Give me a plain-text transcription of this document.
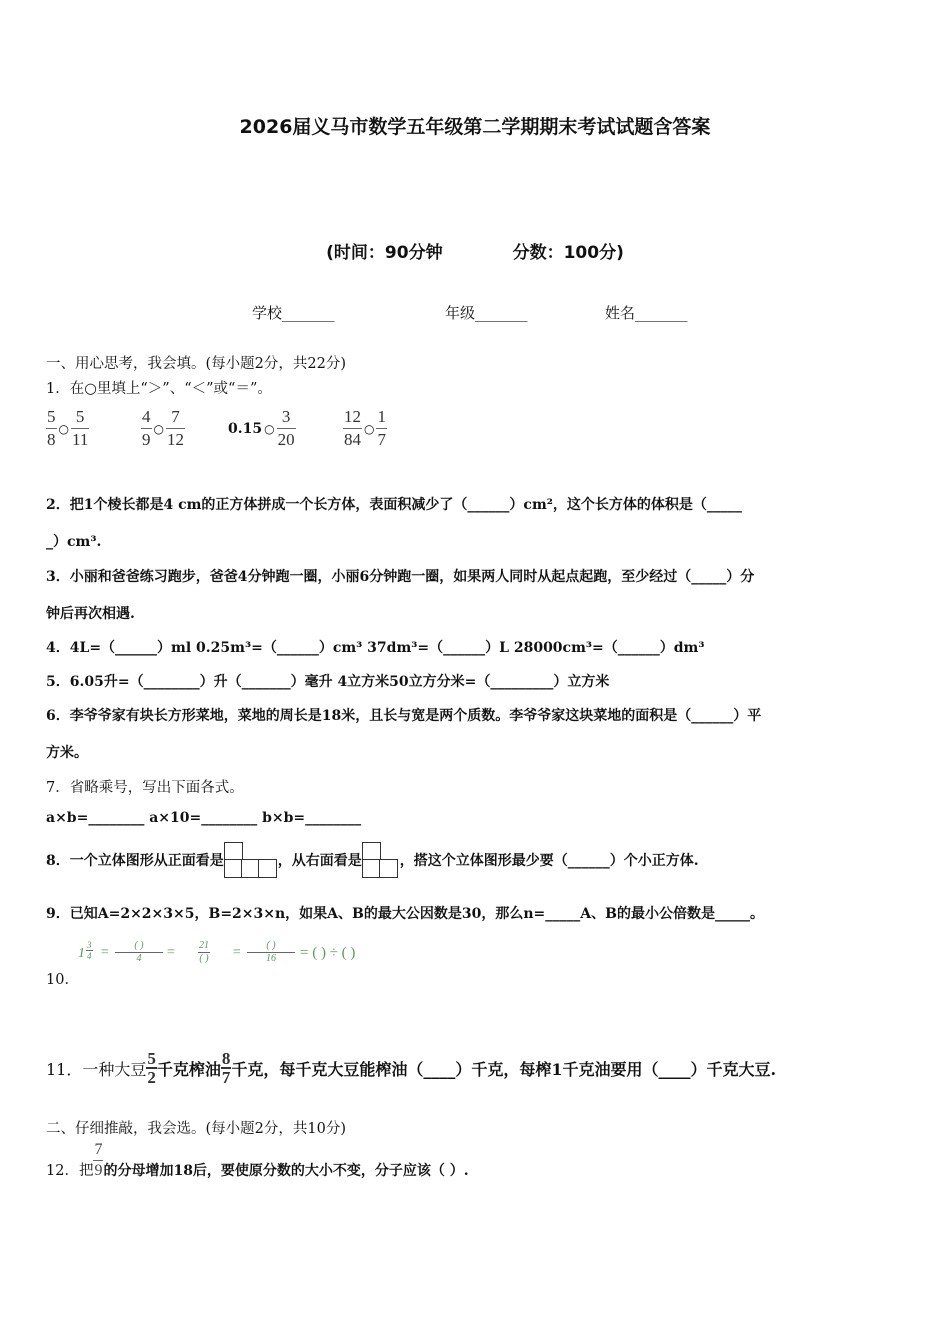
2026届义马市数学五年级第二学期期末考试试题含答案
(时间：90分钟	分数：100分)
学校_______	年级_______	姓名_______
一、用心思考，我会填。(每小题2分，共22分)
1．在○里填上“＞”、“＜”或“＝”。
$\frac{5}{8}$ ○ $\frac{5}{11}$	$\frac{4}{9}$ ○ $\frac{7}{12}$	0.15 ○ $\frac{3}{20}$	$\frac{12}{84}$ ○ $\frac{1}{7}$
2．把1个棱长都是4 cm的正方体拼成一个长方体，表面积减少了（______）cm²，这个长方体的体积是（_____
_）cm³.
3．小丽和爸爸练习跑步，爸爸4分钟跑一圈，小丽6分钟跑一圈，如果两人同时从起点起跑，至少经过（_____）分
钟后再次相遇.
4．4L=（______）ml 0.25m³=（______）cm³ 37dm³=（______）L 28000cm³=（______）dm³
5．6.05升=（________）升（_______）毫升 4立方米50立方分米=（_________）立方米
6．李爷爷家有块长方形菜地，菜地的周长是18米，且长与宽是两个质数。李爷爷家这块菜地的面积是（______）平
方米。
7．省略乘号，写出下面各式。
a×b=________ a×10=________ b×b=________
8．一个立体图形从正面看是	，从右面看是	，搭这个立体图形最少要（______）个小正方体.
9．已知A=2×2×3×5，B=2×3×n，如果A、B的最大公因数是30，那么n=_____A、B的最小公倍数是_____。
$1 \frac{3}{4}$ = ( )
4	=	21
( ) = ( )
16	= ( ) ÷ ( )
10．
11．一种大豆 $\frac{5}{2}$ 千克榨油 $\frac{8}{7}$ 千克，每千克大豆能榨油（____）千克，每榨1千克油要用（____）千克大豆.
二、仔细推敲，我会选。(每小题2分，共10分)
12．把 $\frac{7}{9}$ 的分母增加18后，要使原分数的大小不变，分子应该（ ）.
